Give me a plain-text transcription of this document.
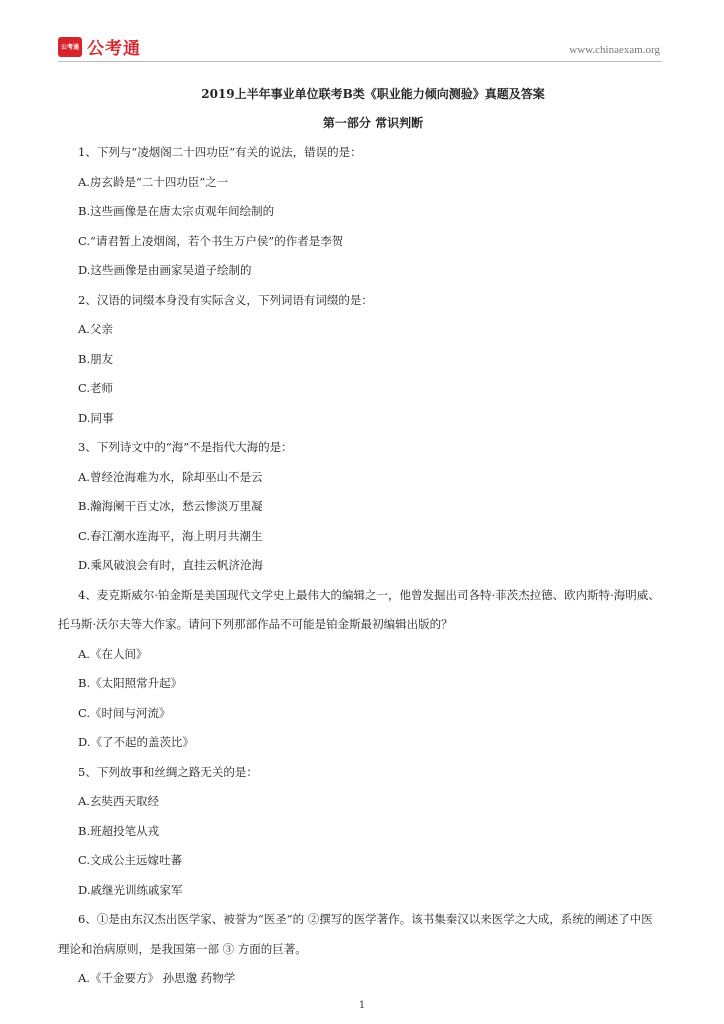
公考通 公考通	www.chinaexam.org

2019上半年事业单位联考B类《职业能力倾向测验》真题及答案

第一部分 常识判断

1、下列与“凌烟阁二十四功臣”有关的说法，错误的是：

A.房玄龄是“二十四功臣”之一

B.这些画像是在唐太宗贞观年间绘制的

C.“请君暂上凌烟阁，若个书生万户侯”的作者是李贺

D.这些画像是由画家吴道子绘制的

2、汉语的词缀本身没有实际含义，下列词语有词缀的是：

A.父亲

B.朋友

C.老师

D.同事

3、下列诗文中的“海”不是指代大海的是：

A.曾经沧海难为水，除却巫山不是云

B.瀚海阑干百丈冰，愁云惨淡万里凝

C.春江潮水连海平，海上明月共潮生

D.乘风破浪会有时，直挂云帆济沧海

4、麦克斯威尔·铂金斯是美国现代文学史上最伟大的编辑之一，他曾发掘出司各特·菲茨杰拉德、欧内斯特·海明威、托马斯·沃尔夫等大作家。请问下列那部作品不可能是铂金斯最初编辑出版的？

A.《在人间》

B.《太阳照常升起》

C.《时间与河流》

D.《了不起的盖茨比》

5、下列故事和丝绸之路无关的是：

A.玄奘西天取经

B.班超投笔从戎

C.文成公主远嫁吐蕃

D.戚继光训练戚家军

6、①是由东汉杰出医学家、被誉为“医圣”的 ②撰写的医学著作。该书集秦汉以来医学之大成，系统的阐述了中医理论和治病原则，是我国第一部 ③ 方面的巨著。

A.《千金要方》 孙思邈 药物学

1
